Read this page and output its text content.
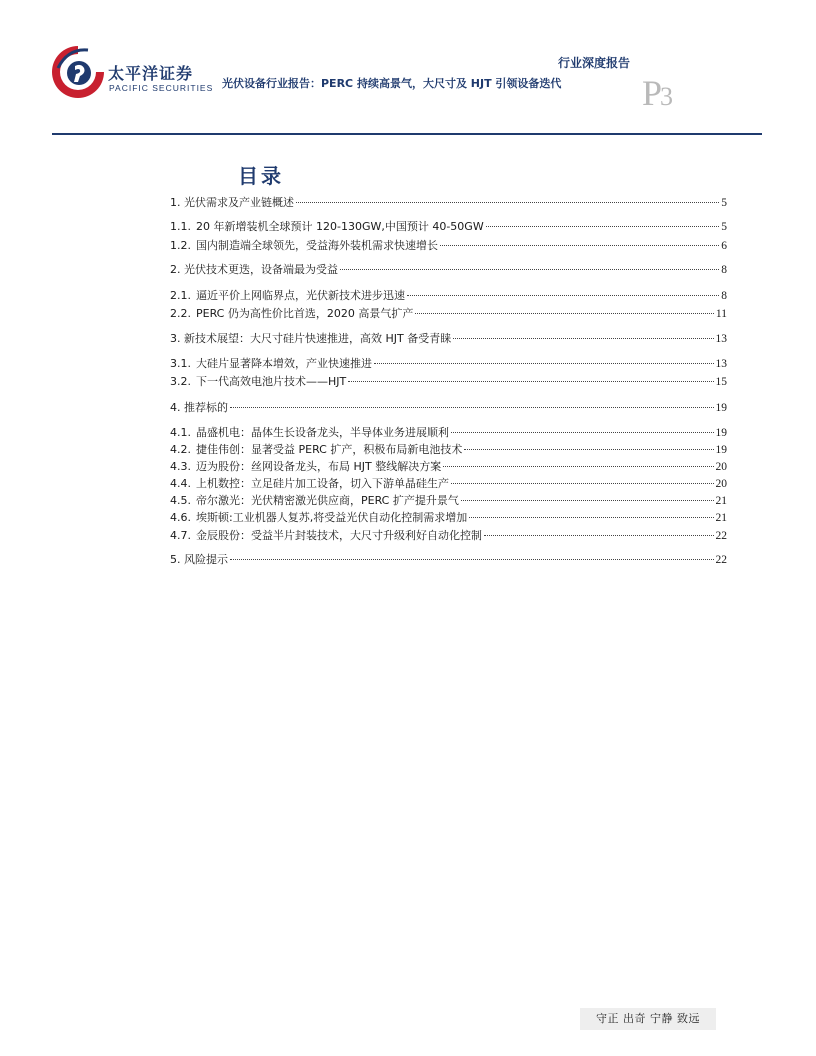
太平洋证券
PACIFIC SECURITIES
行业深度报告
光伏设备行业报告：PERC 持续高景气，大尺寸及 HJT 引领设备迭代 P3
目录
1. 光伏需求及产业链概述	5
1.1. 20 年新增装机全球预计 120-130GW,中国预计 40-50GW	5
1.2. 国内制造端全球领先，受益海外装机需求快速增长	6
2. 光伏技术更迭，设备端最为受益	8
2.1. 逼近平价上网临界点，光伏新技术进步迅速	8
2.2. PERC 仍为高性价比首选，2020 高景气扩产	11
3. 新技术展望：大尺寸硅片快速推进，高效 HJT 备受青睐	13
3.1. 大硅片显著降本增效，产业快速推进	13
3.2. 下一代高效电池片技术——HJT	15
4. 推荐标的	19
4.1. 晶盛机电：晶体生长设备龙头，半导体业务进展顺利	19
4.2. 捷佳伟创：显著受益 PERC 扩产，积极布局新电池技术	19
4.3. 迈为股份：丝网设备龙头，布局 HJT 整线解决方案	20
4.4. 上机数控：立足硅片加工设备，切入下游单晶硅生产	20
4.5. 帝尔激光：光伏精密激光供应商，PERC 扩产提升景气	21
4.6. 埃斯顿:工业机器人复苏,将受益光伏自动化控制需求增加	21
4.7. 金辰股份：受益半片封装技术，大尺寸升级利好自动化控制	22
5. 风险提示	22
守正 出奇 宁静 致远
